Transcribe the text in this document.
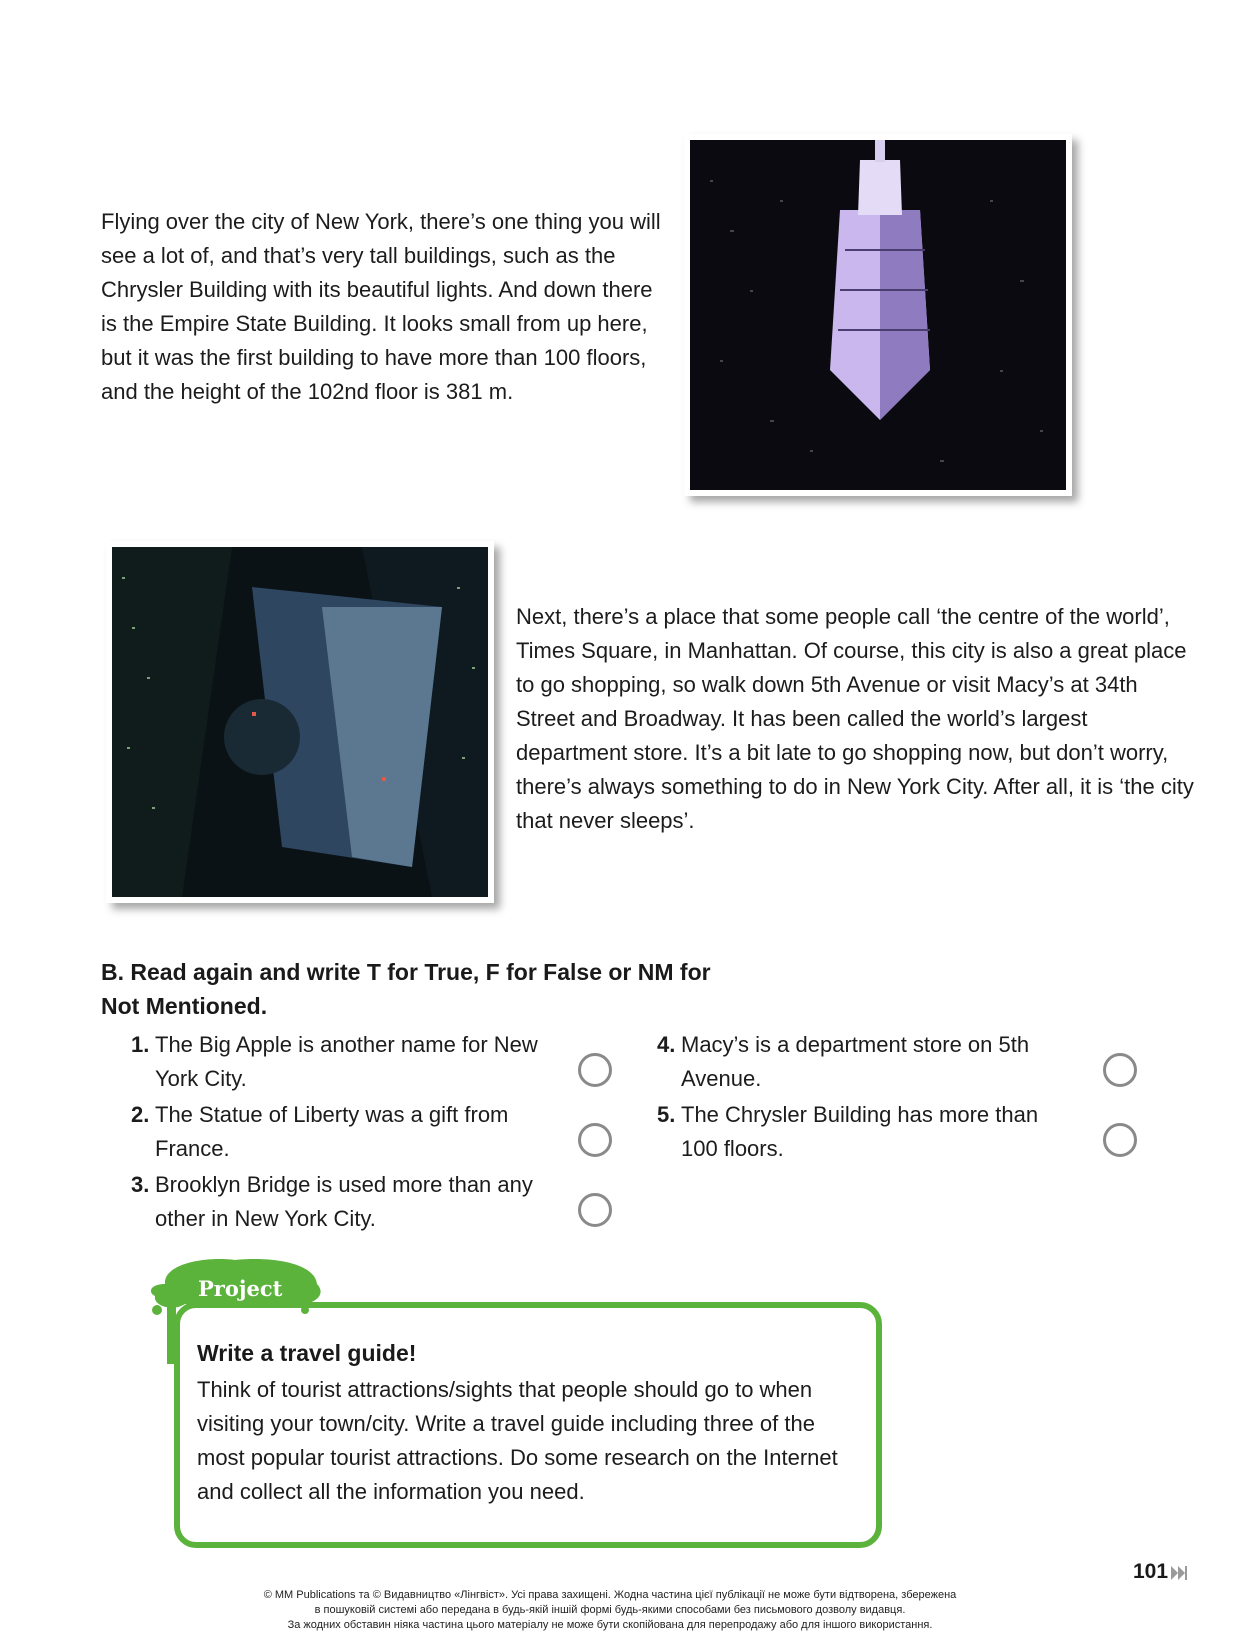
Flying over the city of New York, there’s one thing you will see a lot of, and that’s very tall buildings, such as the Chrysler Building with its beautiful lights. And down there is the Empire State Building. It looks small from up here, but it was the first building to have more than 100 floors, and the height of the 102nd floor is 381 m.

Next, there’s a place that some people call ‘the centre of the world’, Times Square, in Manhattan. Of course, this city is also a great place to go shopping, so walk down 5th Avenue or visit Macy’s at 34th Street and Broadway. It has been called the world’s largest department store. It’s a bit late to go shopping now, but don’t worry, there’s always something to do in New York City. After all, it is ‘the city that never sleeps’.

B. Read again and write T for True, F for False or NM for Not Mentioned.
1. The Big Apple is another name for New York City.
2. The Statue of Liberty was a gift from France.
3. Brooklyn Bridge is used more than any other in New York City.
4. Macy’s is a department store on 5th Avenue.
5. The Chrysler Building has more than 100 floors.
Project
Write a travel guide!
Think of tourist attractions/sights that people should go to when visiting your town/city. Write a travel guide including three of the most popular tourist attractions. Do some research on the Internet and collect all the information you need.
101
© MM Publications та © Видавництво «Лінгвіст». Усі права захищені. Жодна частина цієї публікації не може бути відтворена, збережена
в пошуковій системі або передана в будь-якій іншій формі будь-якими способами без письмового дозволу видавця.
За жодних обставин ніяка частина цього матеріалу не може бути скопійована для перепродажу або для іншого використання.
